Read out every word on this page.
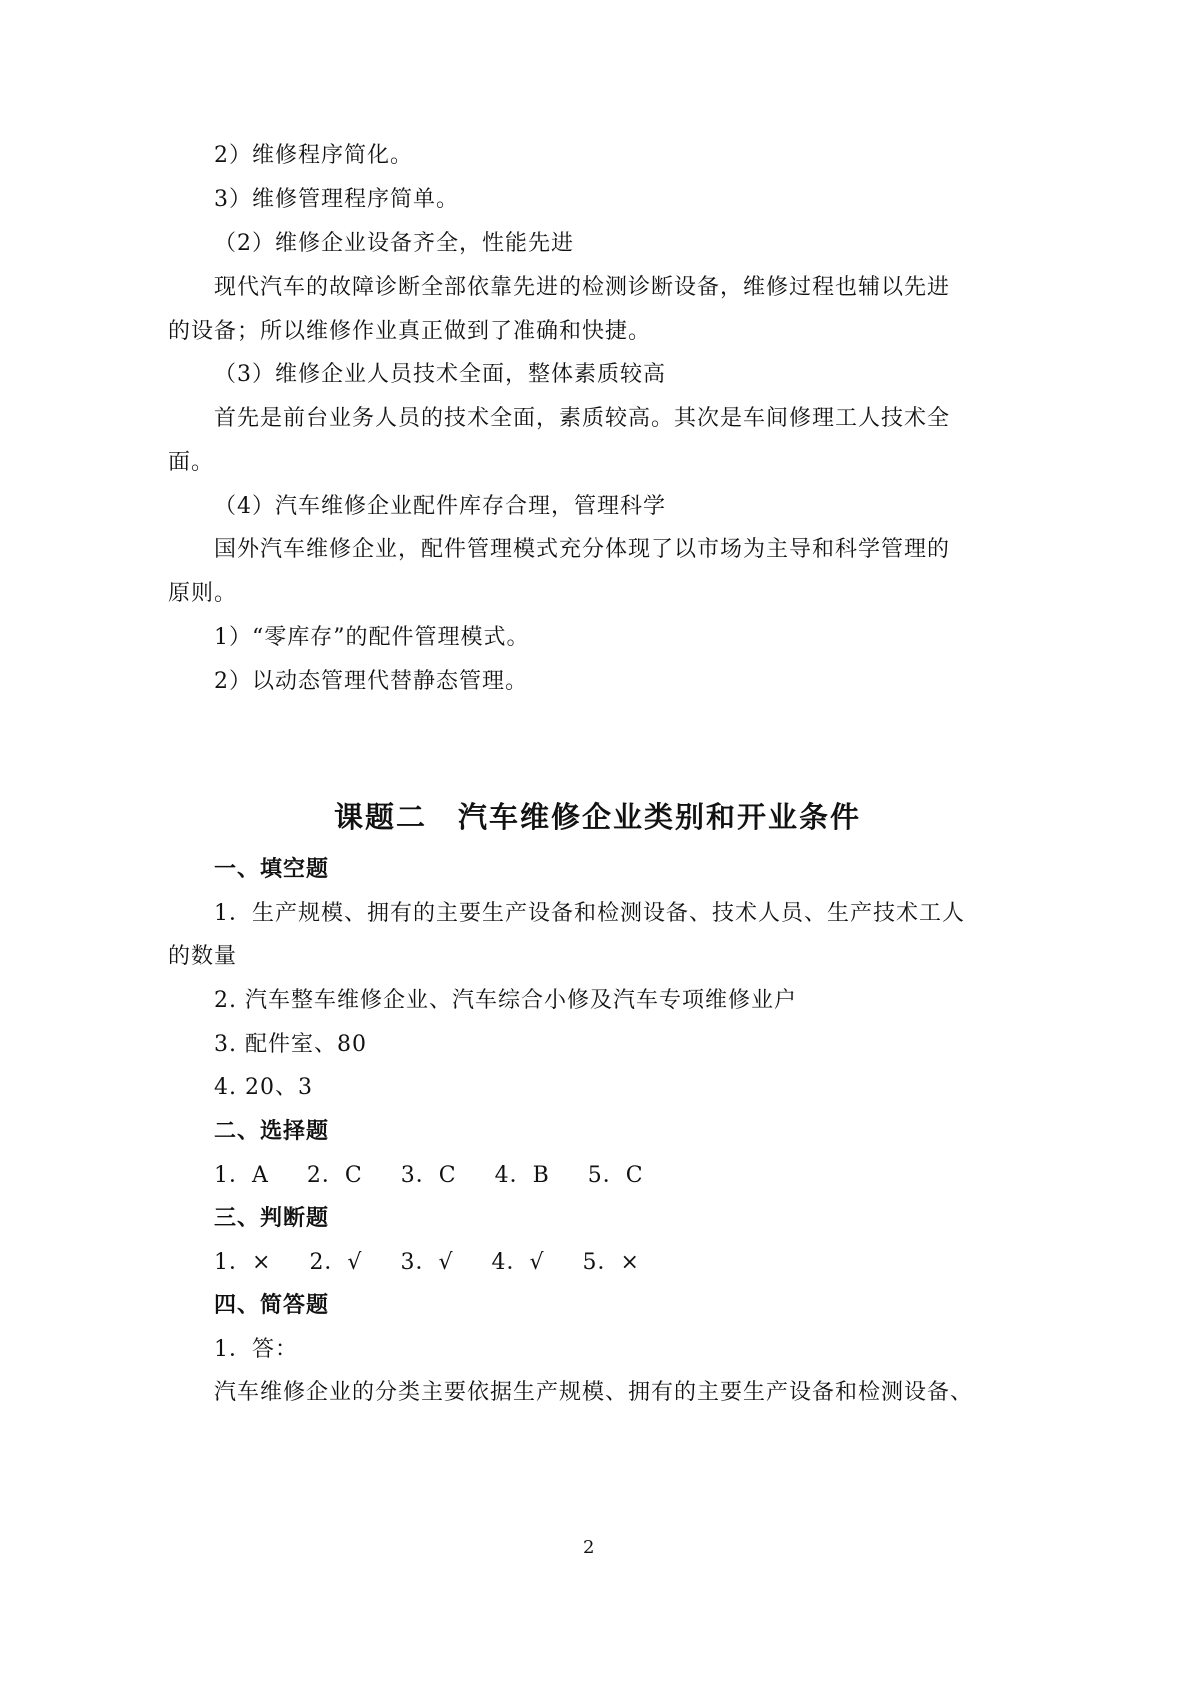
2）维修程序简化。
3）维修管理程序简单。
（2）维修企业设备齐全，性能先进
现代汽车的故障诊断全部依靠先进的检测诊断设备，维修过程也辅以先进
的设备；所以维修作业真正做到了准确和快捷。
（3）维修企业人员技术全面，整体素质较高
首先是前台业务人员的技术全面，素质较高。其次是车间修理工人技术全
面。
（4）汽车维修企业配件库存合理，管理科学
国外汽车维修企业，配件管理模式充分体现了以市场为主导和科学管理的
原则。
1）“零库存”的配件管理模式。
2）以动态管理代替静态管理。
课题二　汽车维修企业类别和开业条件
一、填空题
1．生产规模、拥有的主要生产设备和检测设备、技术人员、生产技术工人
的数量
2. 汽车整车维修企业、汽车综合小修及汽车专项维修业户
3. 配件室、80
4. 20、3
二、选择题
1．A 2．C 3．C 4．B 5．C
三、判断题
1．× 2．√ 3．√ 4．√ 5．×
四、简答题
1．答：
汽车维修企业的分类主要依据生产规模、拥有的主要生产设备和检测设备、
2
